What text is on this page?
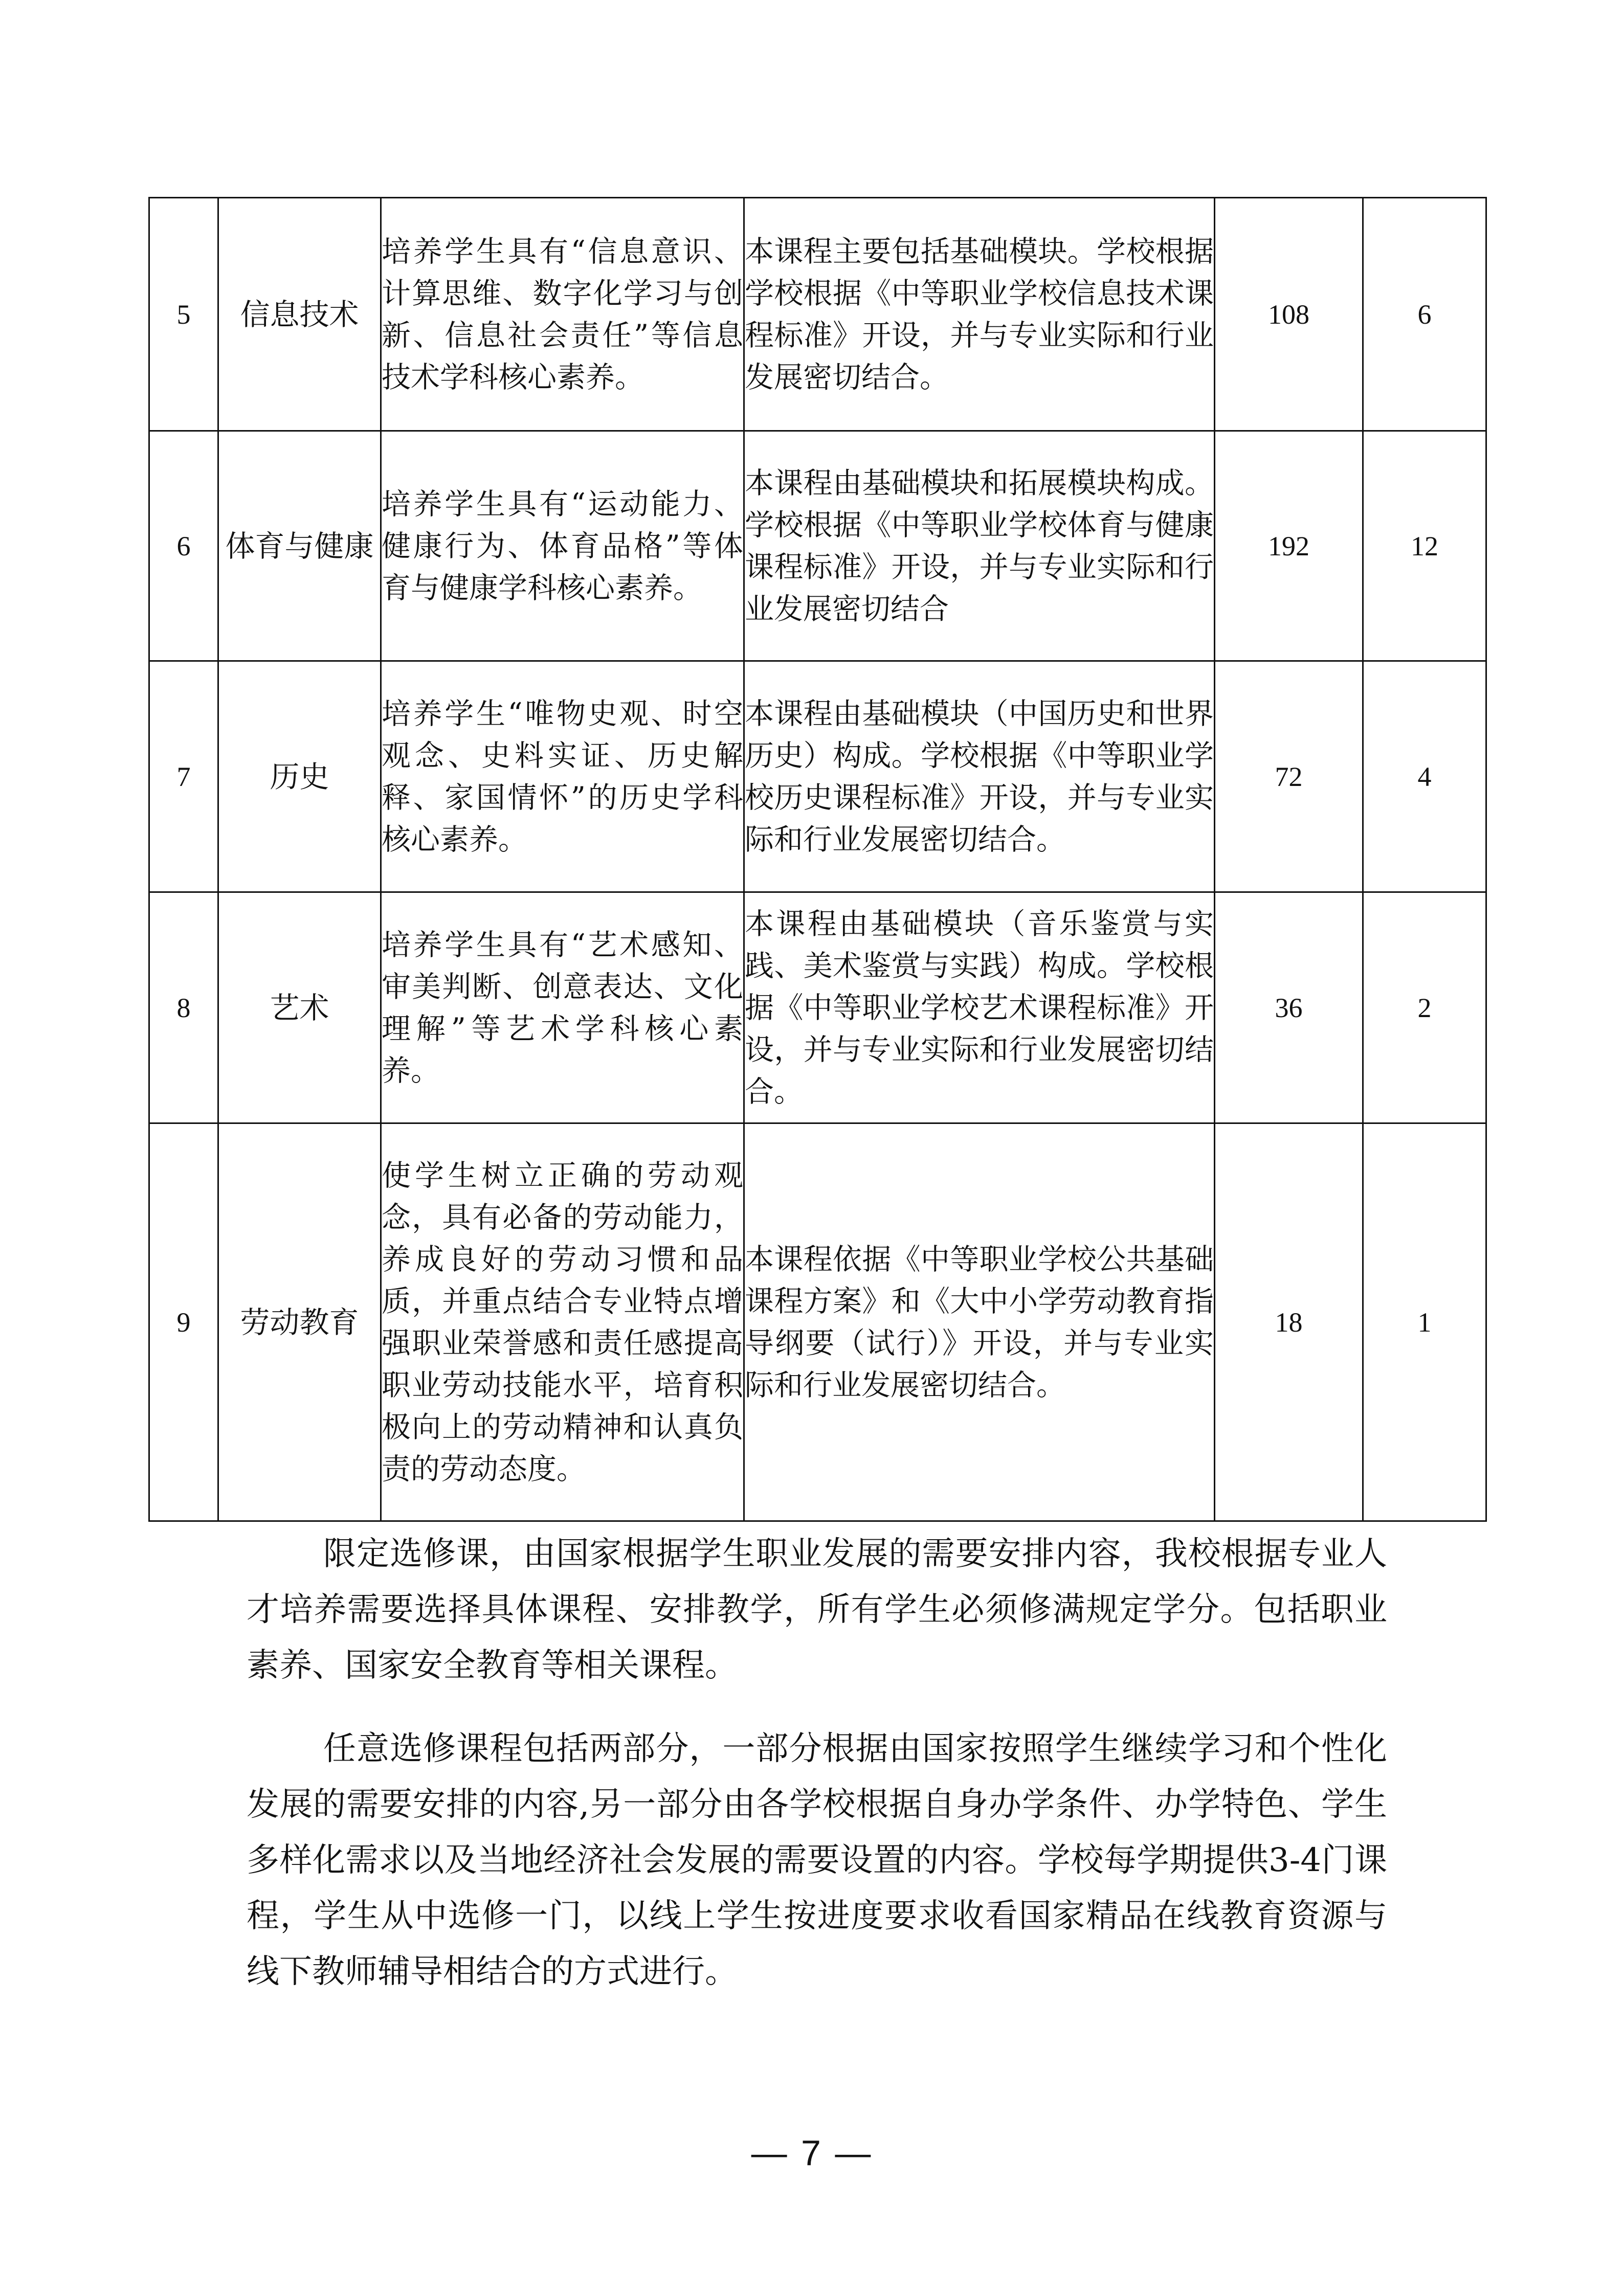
5	信息技术	培养学生具有“信息意识、计算思维、数字化学习与创新、信息社会责任”等信息技术学科核心素养。	本课程主要包括基础模块。学校根据学校根据《中等职业学校信息技术课程标准》开设，并与专业实际和行业发展密切结合。	108	6
6	体育与健康	培养学生具有“运动能力、健康行为、体育品格”等体育与健康学科核心素养。	本课程由基础模块和拓展模块构成。学校根据《中等职业学校体育与健康课程标准》开设，并与专业实际和行业发展密切结合	192	12
7	历史	培养学生“唯物史观、时空观念、史料实证、历史解释、家国情怀”的历史学科核心素养。	本课程由基础模块（中国历史和世界历史）构成。学校根据《中等职业学校历史课程标准》开设，并与专业实际和行业发展密切结合。	72	4
8	艺术	培养学生具有“艺术感知、审美判断、创意表达、文化理解”等艺术学科核心素养。	本课程由基础模块（音乐鉴赏与实践、美术鉴赏与实践）构成。学校根据《中等职业学校艺术课程标准》开设，并与专业实际和行业发展密切结合。	36	2
9	劳动教育	使学生树立正确的劳动观念，具有必备的劳动能力，养成良好的劳动习惯和品质，并重点结合专业特点增强职业荣誉感和责任感提高职业劳动技能水平，培育积极向上的劳动精神和认真负责的劳动态度。	本课程依据《中等职业学校公共基础课程方案》和《大中小学劳动教育指导纲要（试行）》开设，并与专业实际和行业发展密切结合。	18	1

限定选修课，由国家根据学生职业发展的需要安排内容，我校根据专业人才培养需要选择具体课程、安排教学，所有学生必须修满规定学分。包括职业素养、国家安全教育等相关课程。

任意选修课程包括两部分，一部分根据由国家按照学生继续学习和个性化发展的需要安排的内容,另一部分由各学校根据自身办学条件、办学特色、学生多样化需求以及当地经济社会发展的需要设置的内容。学校每学期提供3-4门课程，学生从中选修一门，以线上学生按进度要求收看国家精品在线教育资源与线下教师辅导相结合的方式进行。

— 7 —
